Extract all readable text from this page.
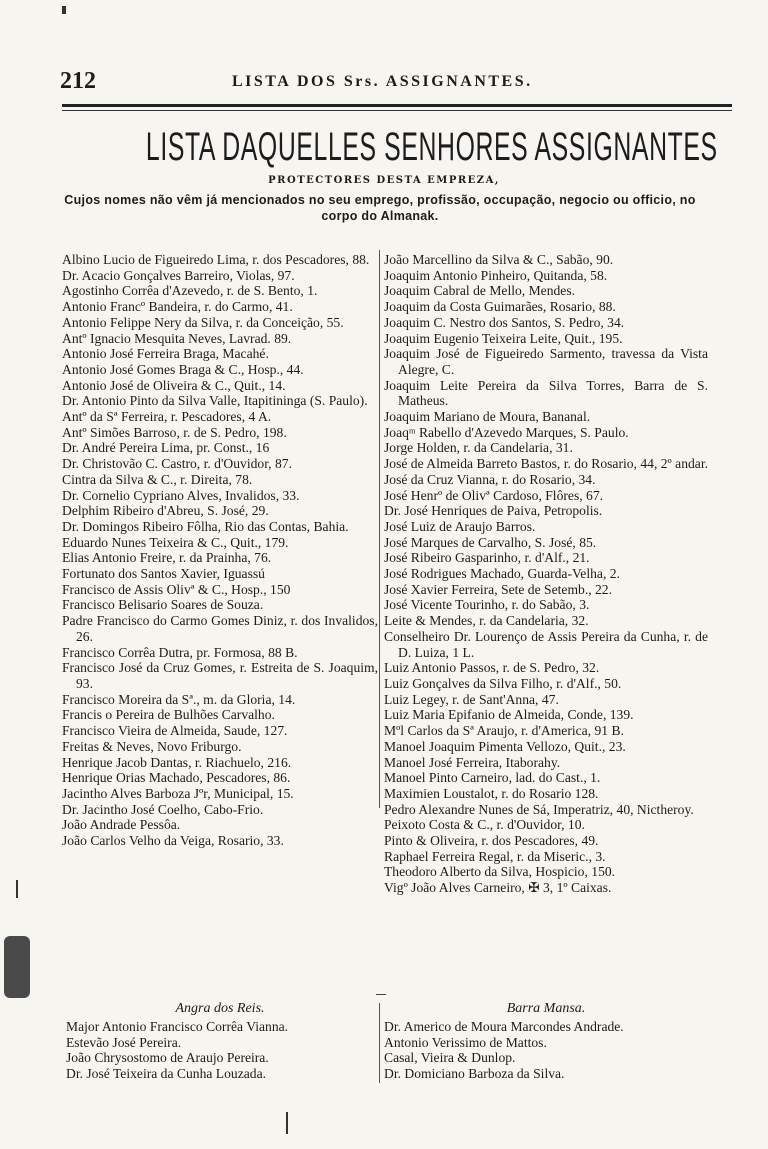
212	LISTA DOS Srs. ASSIGNANTES.
LISTA DAQUELLES SENHORES ASSIGNANTES
PROTECTORES DESTA EMPREZA,
Cujos nomes não vêm já mencionados no seu emprego, profissão, occupação, negocio ou officio, no corpo do Almanak.
Albino Lucio de Figueiredo Lima, r. dos Pescadores, 88.
Dr. Acacio Gonçalves Barreiro, Violas, 97.
Agostinho Corrêa d'Azevedo, r. de S. Bento, 1.
Antonio Francº Bandeira, r. do Carmo, 41.
Antonio Felippe Nery da Silva, r. da Conceição, 55.
Antº Ignacio Mesquita Neves, Lavrad. 89.
Antonio José Ferreira Braga, Macahé.
Antonio José Gomes Braga & C., Hosp., 44.
Antonio José de Oliveira & C., Quit., 14.
Dr. Antonio Pinto da Silva Valle, Itapitininga (S. Paulo).
Antº da Sª Ferreira, r. Pescadores, 4 A.
Antº Simões Barroso, r. de S. Pedro, 198.
Dr. André Pereira Lima, pr. Const., 16
Dr. Christovão C. Castro, r. d'Ouvidor, 87.
Cintra da Silva & C., r. Direita, 78.
Dr. Cornelio Cypriano Alves, Invalidos, 33.
Delphim Ribeiro d'Abreu, S. José, 29.
Dr. Domingos Ribeiro Fôlha, Rio das Contas, Bahia.
Eduardo Nunes Teixeira & C., Quit., 179.
Elias Antonio Freire, r. da Prainha, 76.
Fortunato dos Santos Xavier, Iguassú
Francisco de Assis Olivª & C., Hosp., 150
Francisco Belisario Soares de Souza.
Padre Francisco do Carmo Gomes Diniz, r. dos Invalidos, 26.
Francisco Corrêa Dutra, pr. Formosa, 88 B.
Francisco José da Cruz Gomes, r. Estreita de S. Joaquim, 93.
Francisco Moreira da Sª., m. da Gloria, 14.
Francis o Pereira de Bulhões Carvalho.
Francisco Vieira de Almeida, Saude, 127.
Freitas & Neves, Novo Friburgo.
Henrique Jacob Dantas, r. Riachuelo, 216.
Henrique Orias Machado, Pescadores, 86.
Jacintho Alves Barboza Jºr, Municipal, 15.
Dr. Jacintho José Coelho, Cabo-Frio.
João Andrade Pessôa.
João Carlos Velho da Veiga, Rosario, 33.
João Marcellino da Silva & C., Sabão, 90.
Joaquim Antonio Pinheiro, Quitanda, 58.
Joaquim Cabral de Mello, Mendes.
Joaquim da Costa Guimarães, Rosario, 88.
Joaquim C. Nestro dos Santos, S. Pedro, 34.
Joaquim Eugenio Teixeira Leite, Quit., 195.
Joaquim José de Figueiredo Sarmento, travessa da Vista Alegre, C.
Joaquim Leite Pereira da Silva Torres, Barra de S. Matheus.
Joaquim Mariano de Moura, Bananal.
Joaqᵐ Rabello d'Azevedo Marques, S. Paulo.
Jorge Holden, r. da Candelaria, 31.
José de Almeida Barreto Bastos, r. do Rosario, 44, 2º andar.
José da Cruz Vianna, r. do Rosario, 34.
José Henrº de Olivª Cardoso, Flôres, 67.
Dr. José Henriques de Paiva, Petropolis.
José Luiz de Araujo Barros.
José Marques de Carvalho, S. José, 85.
José Ribeiro Gasparinho, r. d'Alf., 21.
José Rodrigues Machado, Guarda-Velha, 2.
José Xavier Ferreira, Sete de Setemb., 22.
José Vicente Tourinho, r. do Sabão, 3.
Leite & Mendes, r. da Candelaria, 32.
Conselheiro Dr. Lourenço de Assis Pereira da Cunha, r. de D. Luiza, 1 L.
Luiz Antonio Passos, r. de S. Pedro, 32.
Luiz Gonçalves da Silva Filho, r. d'Alf., 50.
Luiz Legey, r. de Sant'Anna, 47.
Luiz Maria Epifanio de Almeida, Conde, 139.
Mºl Carlos da Sª Araujo, r. d'America, 91 B.
Manoel Joaquim Pimenta Vellozo, Quit., 23.
Manoel José Ferreira, Itaborahy.
Manoel Pinto Carneiro, lad. do Cast., 1.
Maximien Loustalot, r. do Rosario 128.
Pedro Alexandre Nunes de Sá, Imperatriz, 40, Nictheroy.
Peixoto Costa & C., r. d'Ouvidor, 10.
Pinto & Oliveira, r. dos Pescadores, 49.
Raphael Ferreira Regal, r. da Miseric., 3.
Theodoro Alberto da Silva, Hospicio, 150.
Vigº João Alves Carneiro, ✠ 3, 1º Caixas.
Angra dos Reis.	Barra Mansa.
Major Antonio Francisco Corrêa Vianna.
Estevão José Pereira.
João Chrysostomo de Araujo Pereira.
Dr. José Teixeira da Cunha Louzada.
Dr. Americo de Moura Marcondes Andrade.
Antonio Verissimo de Mattos.
Casal, Vieira & Dunlop.
Dr. Domiciano Barboza da Silva.
